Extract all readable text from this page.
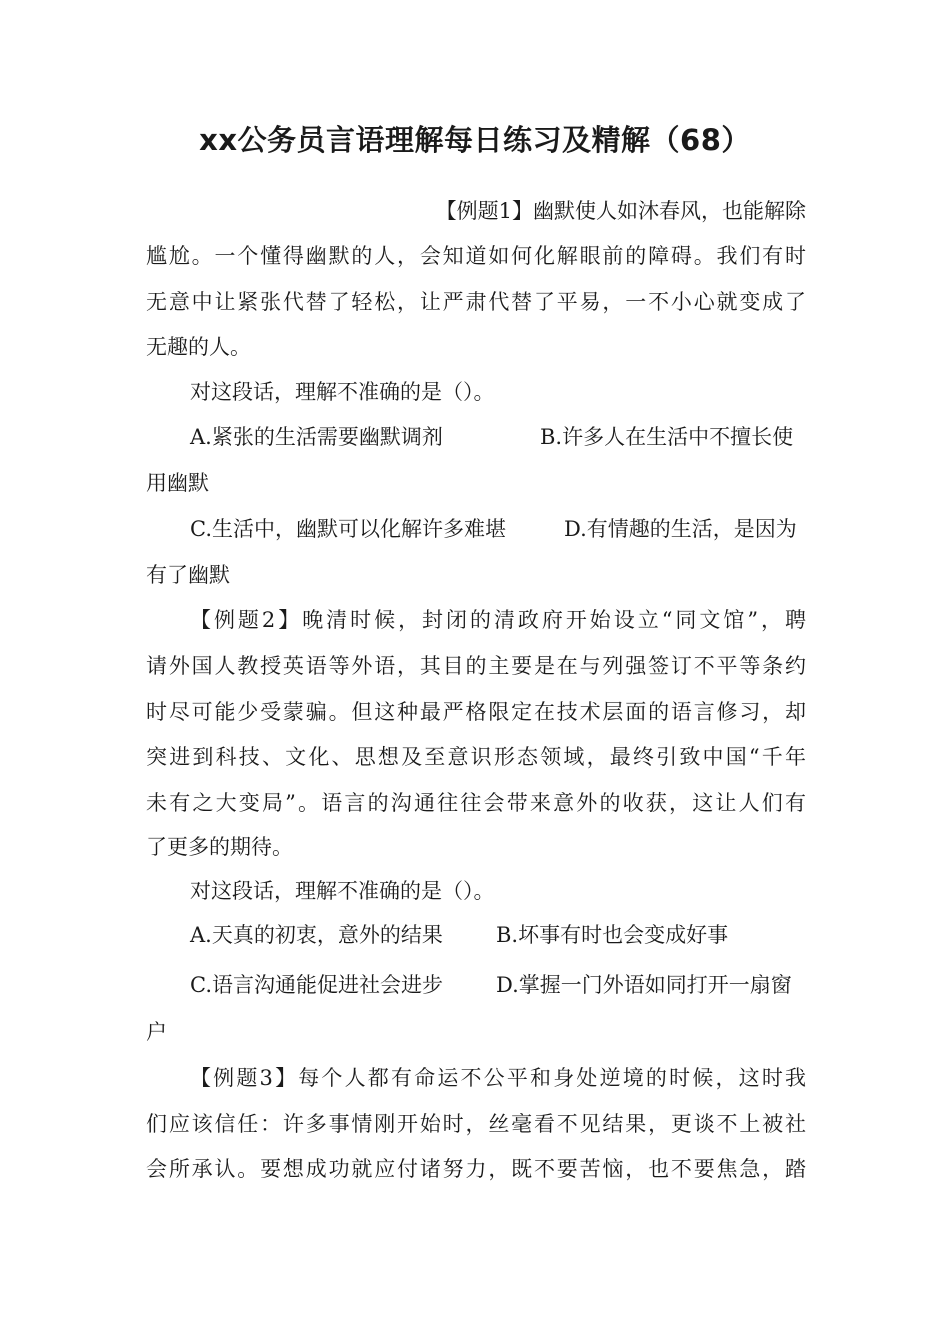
xx公务员言语理解每日练习及精解（68）
【例题1】幽默使人如沐春风，也能解除
尴尬。一个懂得幽默的人，会知道如何化解眼前的障碍。我们有时
无意中让紧张代替了轻松，让严肃代替了平易，一不小心就变成了
无趣的人。
对这段话，理解不准确的是（）。
A.紧张的生活需要幽默调剂	B.许多人在生活中不擅长使
用幽默
C.生活中，幽默可以化解许多难堪	D.有情趣的生活，是因为
有了幽默
【例题2】晚清时候，封闭的清政府开始设立“同文馆”，聘
请外国人教授英语等外语，其目的主要是在与列强签订不平等条约
时尽可能少受蒙骗。但这种最严格限定在技术层面的语言修习，却
突进到科技、文化、思想及至意识形态领域，最终引致中国“千年
未有之大变局”。语言的沟通往往会带来意外的收获，这让人们有
了更多的期待。
对这段话，理解不准确的是（）。
A.天真的初衷，意外的结果	B.坏事有时也会变成好事
C.语言沟通能促进社会进步	D.掌握一门外语如同打开一扇窗
户
【例题3】每个人都有命运不公平和身处逆境的时候，这时我
们应该信任：许多事情刚开始时，丝毫看不见结果，更谈不上被社
会所承认。要想成功就应付诸努力，既不要苦恼，也不要焦急，踏
